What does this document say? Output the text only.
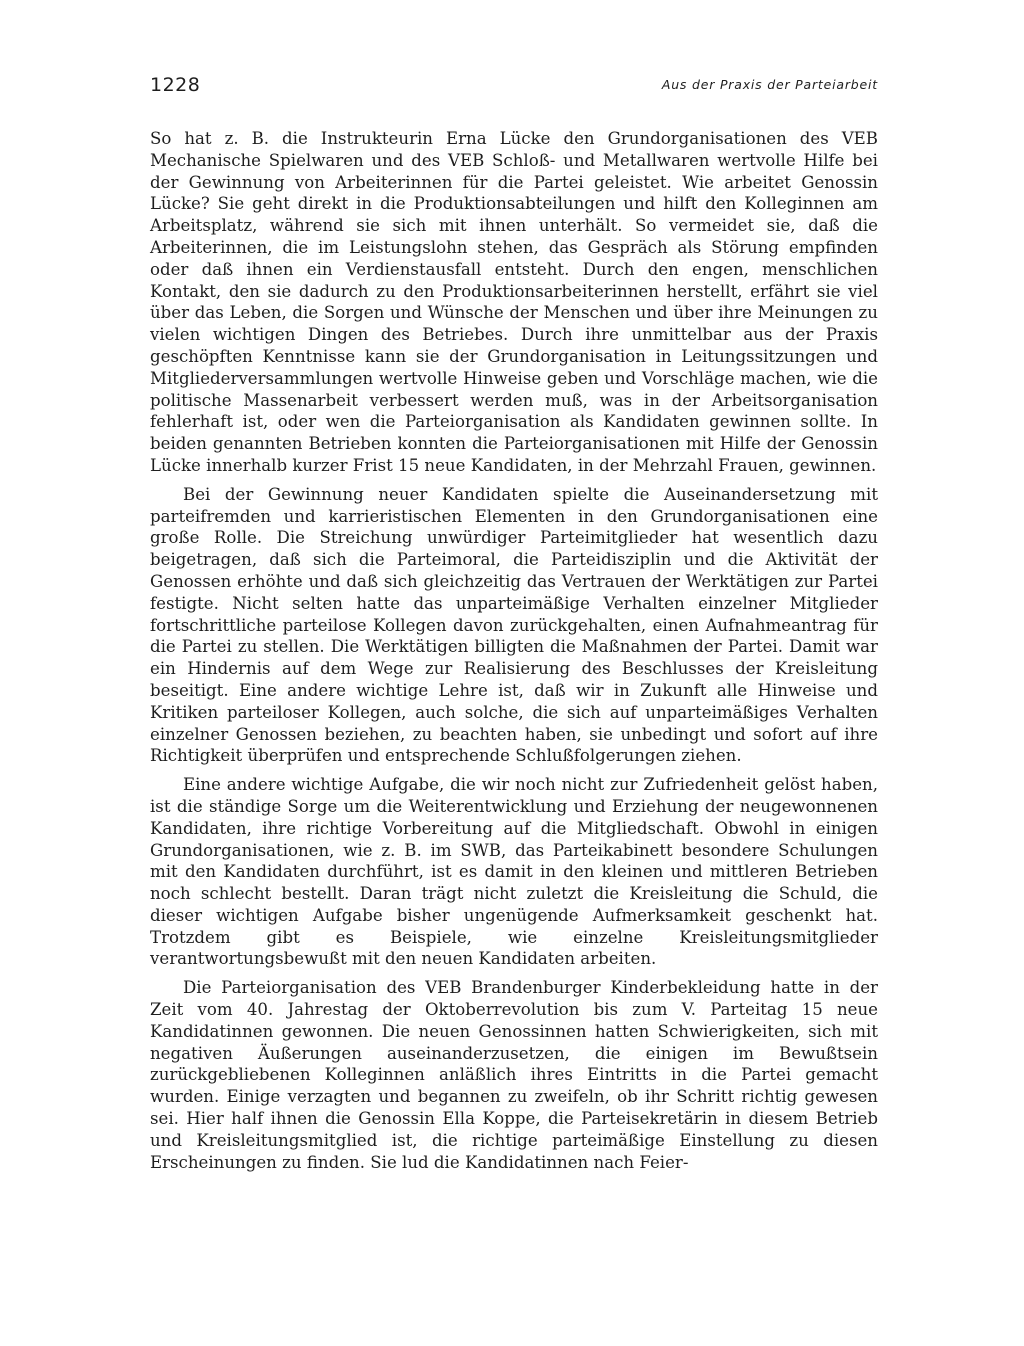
1228	Aus der Praxis der Parteiarbeit

So hat z. B. die Instrukteurin Erna Lücke den Grundorganisationen des VEB Mechanische Spielwaren und des VEB Schloß- und Metallwaren wertvolle Hilfe bei der Gewinnung von Arbeiterinnen für die Partei geleistet. Wie arbeitet Genossin Lücke? Sie geht direkt in die Produktionsabteilungen und hilft den Kolleginnen am Arbeitsplatz, während sie sich mit ihnen unterhält. So vermeidet sie, daß die Arbeiterinnen, die im Leistungslohn stehen, das Gespräch als Störung empfinden oder daß ihnen ein Verdienstausfall entsteht. Durch den engen, menschlichen Kontakt, den sie dadurch zu den Produktionsarbeiterinnen herstellt, erfährt sie viel über das Leben, die Sorgen und Wünsche der Menschen und über ihre Meinungen zu vielen wichtigen Dingen des Betriebes. Durch ihre unmittelbar aus der Praxis geschöpften Kenntnisse kann sie der Grundorganisation in Leitungssitzungen und Mitgliederversammlungen wertvolle Hinweise geben und Vorschläge machen, wie die politische Massenarbeit verbessert werden muß, was in der Arbeitsorganisation fehlerhaft ist, oder wen die Parteiorganisation als Kandidaten gewinnen sollte. In beiden genannten Betrieben konnten die Parteiorganisationen mit Hilfe der Genossin Lücke innerhalb kurzer Frist 15 neue Kandidaten, in der Mehrzahl Frauen, gewinnen.

Bei der Gewinnung neuer Kandidaten spielte die Auseinandersetzung mit parteifremden und karrieristischen Elementen in den Grundorganisationen eine große Rolle. Die Streichung unwürdiger Parteimitglieder hat wesentlich dazu beigetragen, daß sich die Parteimoral, die Parteidisziplin und die Aktivität der Genossen erhöhte und daß sich gleichzeitig das Vertrauen der Werktätigen zur Partei festigte. Nicht selten hatte das unparteimäßige Verhalten einzelner Mitglieder fortschrittliche parteilose Kollegen davon zurückgehalten, einen Aufnahmeantrag für die Partei zu stellen. Die Werktätigen billigten die Maßnahmen der Partei. Damit war ein Hindernis auf dem Wege zur Realisierung des Beschlusses der Kreisleitung beseitigt. Eine andere wichtige Lehre ist, daß wir in Zukunft alle Hinweise und Kritiken parteiloser Kollegen, auch solche, die sich auf unparteimäßiges Verhalten einzelner Genossen beziehen, zu beachten haben, sie unbedingt und sofort auf ihre Richtigkeit überprüfen und entsprechende Schlußfolgerungen ziehen.

Eine andere wichtige Aufgabe, die wir noch nicht zur Zufriedenheit gelöst haben, ist die ständige Sorge um die Weiterentwicklung und Erziehung der neugewonnenen Kandidaten, ihre richtige Vorbereitung auf die Mitgliedschaft. Obwohl in einigen Grundorganisationen, wie z. B. im SWB, das Parteikabinett besondere Schulungen mit den Kandidaten durchführt, ist es damit in den kleinen und mittleren Betrieben noch schlecht bestellt. Daran trägt nicht zuletzt die Kreisleitung die Schuld, die dieser wichtigen Aufgabe bisher ungenügende Aufmerksamkeit geschenkt hat. Trotzdem gibt es Beispiele, wie einzelne Kreisleitungsmitglieder verantwortungsbewußt mit den neuen Kandidaten arbeiten.

Die Parteiorganisation des VEB Brandenburger Kinderbekleidung hatte in der Zeit vom 40. Jahrestag der Oktoberrevolution bis zum V. Parteitag 15 neue Kandidatinnen gewonnen. Die neuen Genossinnen hatten Schwierigkeiten, sich mit negativen Äußerungen auseinanderzusetzen, die einigen im Bewußtsein zurückgebliebenen Kolleginnen anläßlich ihres Eintritts in die Partei gemacht wurden. Einige verzagten und begannen zu zweifeln, ob ihr Schritt richtig gewesen sei. Hier half ihnen die Genossin Ella Koppe, die Parteisekretärin in diesem Betrieb und Kreisleitungsmitglied ist, die richtige parteimäßige Einstellung zu diesen Erscheinungen zu finden. Sie lud die Kandidatinnen nach Feier-
